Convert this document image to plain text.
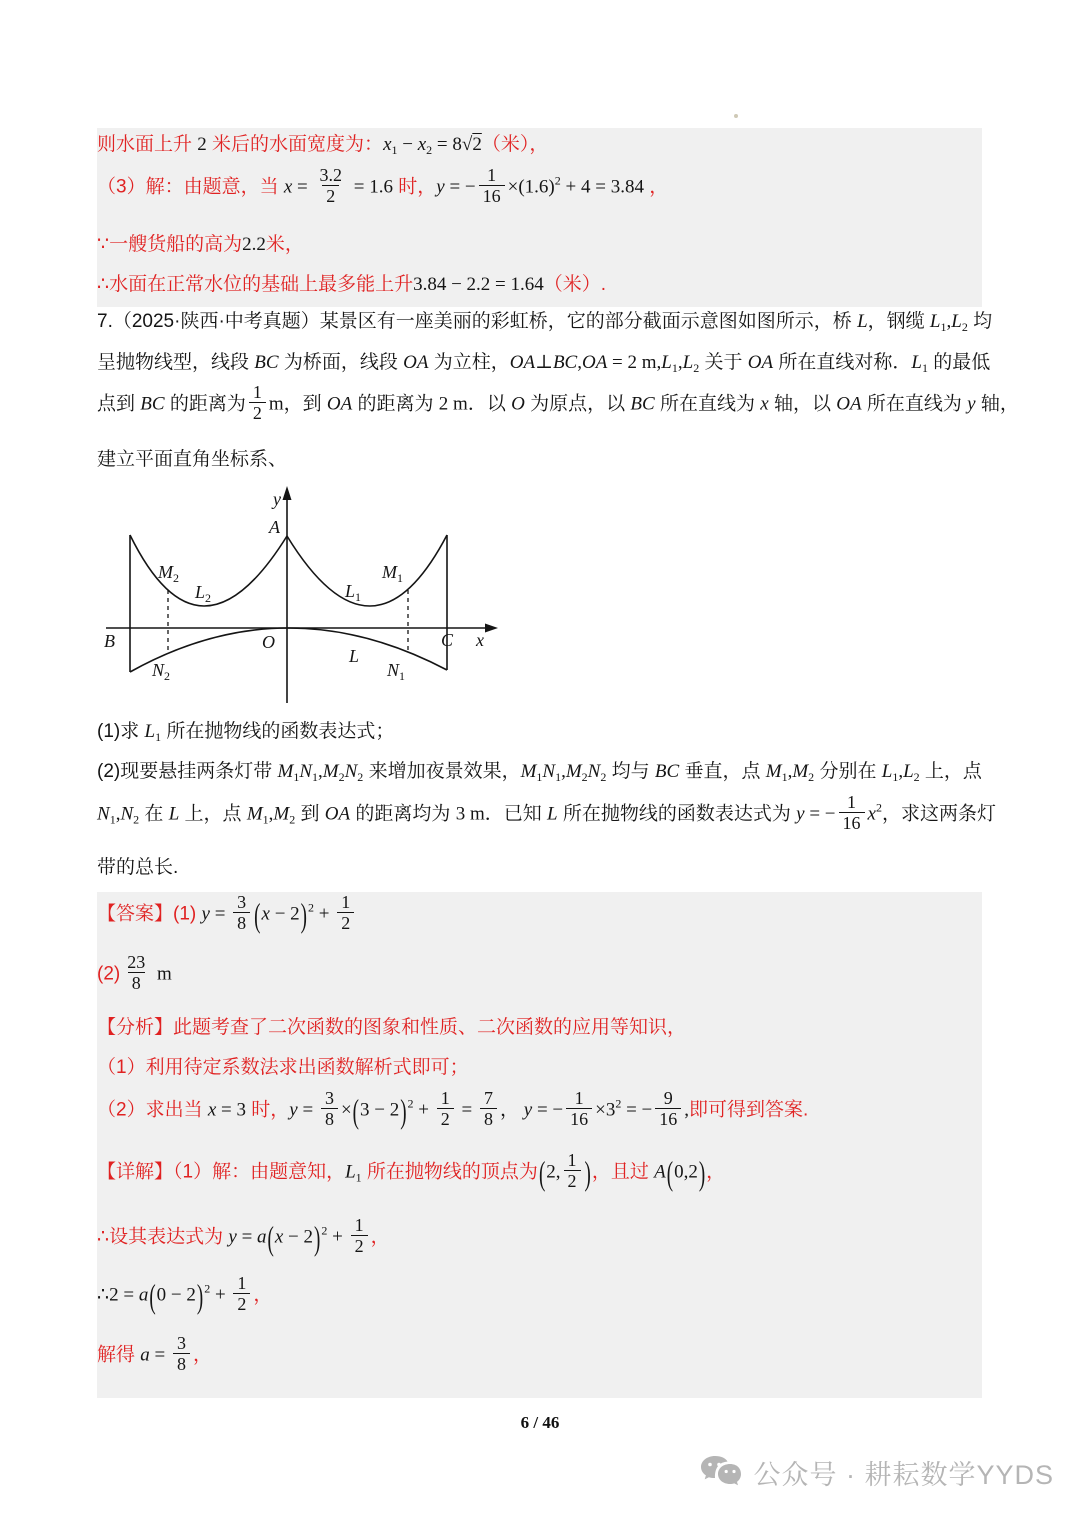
则水面上升 2 米后的水面宽度为：$x_1 - x_2 = 8√2$（米），
（3）解：由题意，当 $x = \frac{3.2}{2} = 1.6$ 时，y = − $\frac{1}{16} \times(1.6)^2 + 4 = 3.84$ ，
∵一艘货船的高为2.2米，
∴水面在正常水位的基础上最多能上升3.84 − 2.2 = 1.64（米）.
7.（2025·陕西·中考真题）某景区有一座美丽的彩虹桥，它的部分截面示意图如图所示，桥 L，钢缆 $L_1,L_2$ 均
呈抛物线型，线段 BC 为桥面，线段 OA 为立柱，OA⊥BC,OA = 2 $m,L_1,L_2$ 关于 OA 所在直线对称．$L_1$ 的最低
点到 BC 的距离为 $\frac{1}{2}$ m，到 OA 的距离为 2 m．以 O 为原点，以 BC 所在直线为 x 轴，以 OA 所在直线为 y 轴，
建立平面直角坐标系、
y
A
$M_2$
$L_2$
$M_1$
$L_1$
B	O	C x
$N_2$
L
$N_1$
(1)求 $L_1$ 所在抛物线的函数表达式；
(2)现要悬挂两条灯带 $M_1N_1,M_2N_2$ 来增加夜景效果，$M_1N_1,M_2N_2$ 均与 BC 垂直，点 $M_1,M_2$ 分别在 $L_1,L_2$ 上，点
$N_1,N_2$ 在 L 上，点 $M_1,M_2$ 到 OA 的距离均为 3 m．已知 L 所在抛物线的函数表达式为 y = − $\frac{1}{16} x^2$，求这两条灯
带的总长.
【答案】(1) $y = \frac{3}{8} (x - 2)^2 + \frac{1}{2}$
$(2) \frac{23}{8}$ m
【分析】此题考查了二次函数的图象和性质、二次函数的应用等知识，
（1）利用待定系数法求出函数解析式即可；
（2）求出当 x = 3 时，$y = \frac{3}{8} \times(3 - 2)^2 + \frac{1}{2} = \frac{7}{8}$ ， y = − $\frac{1}{16} \times 3^2$ = − $\frac{9}{16}$ ,即可得到答案.
【详解】（1）解：由题意知，$L_1$ 所在抛物线的顶点为(2, $\frac{1}{2}$ )，且过 A(0,2)，
∴设其表达式为 $y = a(x - 2)^2 + \frac{1}{2}$ ，
∴2 = $a(0 - 2)^2 + \frac{1}{2}$ ，
解得 $a = \frac{3}{8}$ ，
6 / 46
公众号 · 耕耘数学YYDS
